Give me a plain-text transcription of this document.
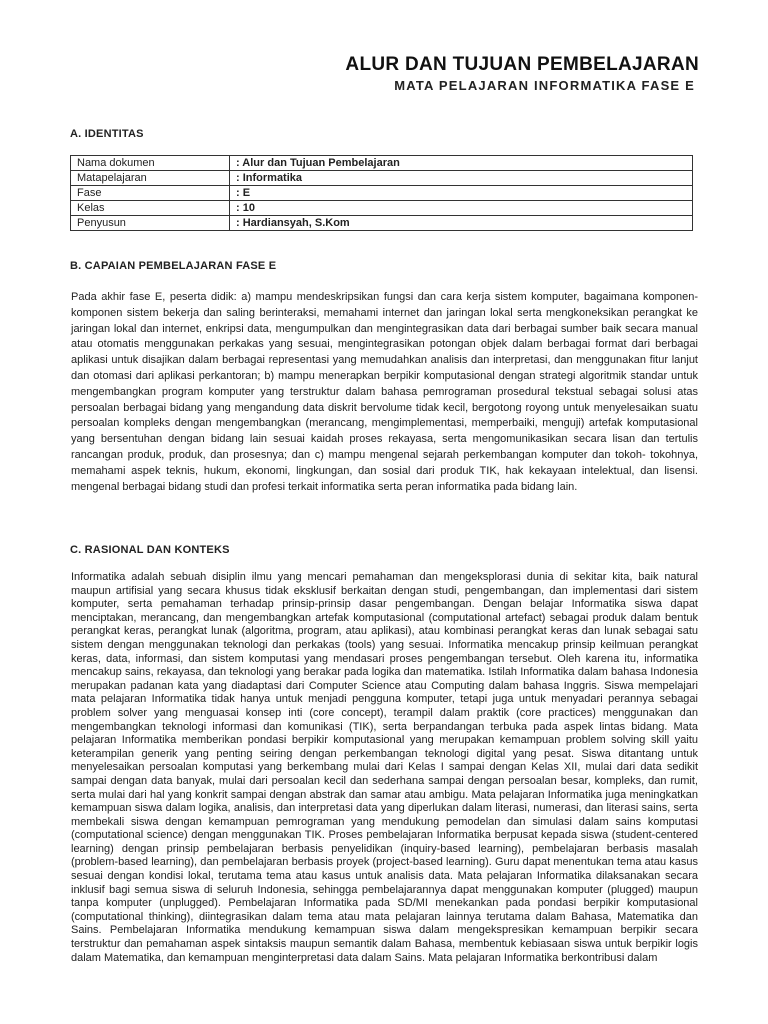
ALUR DAN TUJUAN PEMBELAJARAN
MATA PELAJARAN INFORMATIKA FASE E
A. IDENTITAS
Nama dokumen	: Alur dan Tujuan Pembelajaran
Matapelajaran	: Informatika
Fase	: E
Kelas	: 10
Penyusun	: Hardiansyah, S.Kom
B. CAPAIAN PEMBELAJARAN FASE E

Pada akhir fase E, peserta didik: a) mampu mendeskripsikan fungsi dan cara kerja sistem komputer, bagaimana komponen-komponen sistem bekerja dan saling berinteraksi, memahami internet dan jaringan lokal serta mengkoneksikan perangkat ke jaringan lokal dan internet, enkripsi data, mengumpulkan dan mengintegrasikan data dari berbagai sumber baik secara manual atau otomatis menggunakan perkakas yang sesuai, mengintegrasikan potongan objek dalam berbagai format dari berbagai aplikasi untuk disajikan dalam berbagai representasi yang memudahkan analisis dan interpretasi, dan menggunakan fitur lanjut dan otomasi dari aplikasi perkantoran; b) mampu menerapkan berpikir komputasional dengan strategi algoritmik standar untuk mengembangkan program komputer yang terstruktur dalam bahasa pemrograman prosedural tekstual sebagai solusi atas persoalan berbagai bidang yang mengandung data diskrit bervolume tidak kecil, bergotong royong untuk menyelesaikan suatu persoalan kompleks dengan mengembangkan (merancang, mengimplementasi, memperbaiki, menguji) artefak komputasional yang bersentuhan dengan bidang lain sesuai kaidah proses rekayasa, serta mengomunikasikan secara lisan dan tertulis rancangan produk, produk, dan prosesnya; dan c) mampu mengenal sejarah perkembangan komputer dan tokoh- tokohnya, memahami aspek teknis, hukum, ekonomi, lingkungan, dan sosial dari produk TIK, hak kekayaan intelektual, dan lisensi. mengenal berbagai bidang studi dan profesi terkait informatika serta peran informatika pada bidang lain.

C. RASIONAL DAN KONTEKS

Informatika adalah sebuah disiplin ilmu yang mencari pemahaman dan mengeksplorasi dunia di sekitar kita, baik natural maupun artifisial yang secara khusus tidak eksklusif berkaitan dengan studi, pengembangan, dan implementasi dari sistem komputer, serta pemahaman terhadap prinsip-prinsip dasar pengembangan. Dengan belajar Informatika siswa dapat menciptakan, merancang, dan mengembangkan artefak komputasional (computational artefact) sebagai produk dalam bentuk perangkat keras, perangkat lunak (algoritma, program, atau aplikasi), atau kombinasi perangkat keras dan lunak sebagai satu sistem dengan menggunakan teknologi dan perkakas (tools) yang sesuai. Informatika mencakup prinsip keilmuan perangkat keras, data, informasi, dan sistem komputasi yang mendasari proses pengembangan tersebut. Oleh karena itu, informatika mencakup sains, rekayasa, dan teknologi yang berakar pada logika dan matematika. Istilah Informatika dalam bahasa Indonesia merupakan padanan kata yang diadaptasi dari Computer Science atau Computing dalam bahasa Inggris. Siswa mempelajari mata pelajaran Informatika tidak hanya untuk menjadi pengguna komputer, tetapi juga untuk menyadari perannya sebagai problem solver yang menguasai konsep inti (core concept), terampil dalam praktik (core practices) menggunakan dan mengembangkan teknologi informasi dan komunikasi (TIK), serta berpandangan terbuka pada aspek lintas bidang. Mata pelajaran Informatika memberikan pondasi berpikir komputasional yang merupakan kemampuan problem solving skill yaitu keterampilan generik yang penting seiring dengan perkembangan teknologi digital yang pesat. Siswa ditantang untuk menyelesaikan persoalan komputasi yang berkembang mulai dari Kelas I sampai dengan Kelas XII, mulai dari data sedikit sampai dengan data banyak, mulai dari persoalan kecil dan sederhana sampai dengan persoalan besar, kompleks, dan rumit, serta mulai dari hal yang konkrit sampai dengan abstrak dan samar atau ambigu. Mata pelajaran Informatika juga meningkatkan kemampuan siswa dalam logika, analisis, dan interpretasi data yang diperlukan dalam literasi, numerasi, dan literasi sains, serta membekali siswa dengan kemampuan pemrograman yang mendukung pemodelan dan simulasi dalam sains komputasi (computational science) dengan menggunakan TIK. Proses pembelajaran Informatika berpusat kepada siswa (student-centered learning) dengan prinsip pembelajaran berbasis penyelidikan (inquiry-based learning), pembelajaran berbasis masalah (problem-based learning), dan pembelajaran berbasis proyek (project-based learning). Guru dapat menentukan tema atau kasus sesuai dengan kondisi lokal, terutama tema atau kasus untuk analisis data. Mata pelajaran Informatika dilaksanakan secara inklusif bagi semua siswa di seluruh Indonesia, sehingga pembelajarannya dapat menggunakan komputer (plugged) maupun tanpa komputer (unplugged). Pembelajaran Informatika pada SD/MI menekankan pada pondasi berpikir komputasional (computational thinking), diintegrasikan dalam tema atau mata pelajaran lainnya terutama dalam Bahasa, Matematika dan Sains. Pembelajaran Informatika mendukung kemampuan siswa dalam mengekspresikan kemampuan berpikir secara terstruktur dan pemahaman aspek sintaksis maupun semantik dalam Bahasa, membentuk kebiasaan siswa untuk berpikir logis dalam Matematika, dan kemampuan menginterpretasi data dalam Sains. Mata pelajaran Informatika berkontribusi dalam
